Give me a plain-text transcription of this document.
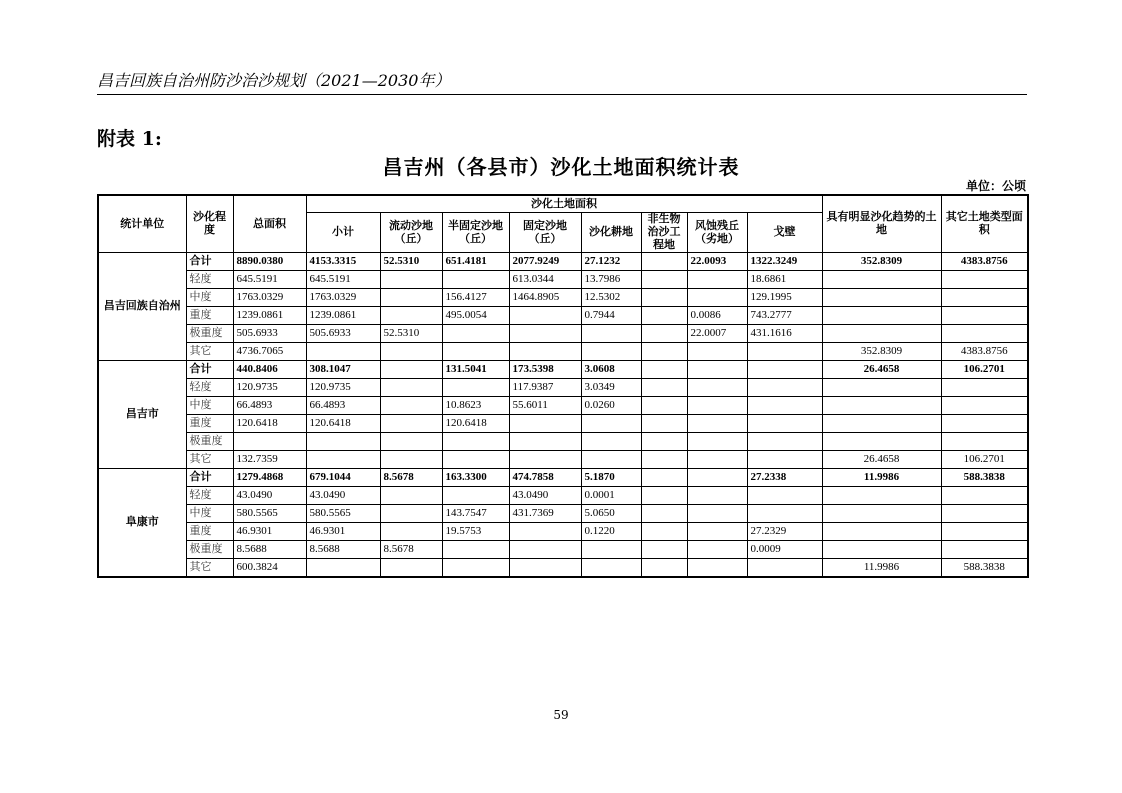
昌吉回族自治州防沙治沙规划（2021—2030年）
附表 1:
昌吉州（各县市）沙化土地面积统计表
单位：公顷
统计单位	沙化程度	总面积	沙化土地面积								具有明显沙化趋势的土地	其它土地类型面积
			小计	流动沙地（丘）	半固定沙地（丘）	固定沙地（丘）	沙化耕地	非生物治沙工程地	风蚀残丘（劣地）	戈壁		
昌吉回族自治州	合计	8890.0380	4153.3315	52.5310	651.4181	2077.9249	27.1232		22.0093	1322.3249	352.8309	4383.8756
	轻度	645.5191	645.5191			613.0344	13.7986			18.6861		
	中度	1763.0329	1763.0329		156.4127	1464.8905	12.5302			129.1995		
	重度	1239.0861	1239.0861		495.0054		0.7944		0.0086	743.2777		
	极重度	505.6933	505.6933	52.5310					22.0007	431.1616		
	其它	4736.7065									352.8309	4383.8756
昌吉市	合计	440.8406	308.1047		131.5041	173.5398	3.0608				26.4658	106.2701
	轻度	120.9735	120.9735			117.9387	3.0349					
	中度	66.4893	66.4893		10.8623	55.6011	0.0260					
	重度	120.6418	120.6418		120.6418							
	极重度											
	其它	132.7359									26.4658	106.2701
阜康市	合计	1279.4868	679.1044	8.5678	163.3300	474.7858	5.1870			27.2338	11.9986	588.3838
	轻度	43.0490	43.0490			43.0490	0.0001					
	中度	580.5565	580.5565		143.7547	431.7369	5.0650					
	重度	46.9301	46.9301		19.5753		0.1220			27.2329		
	极重度	8.5688	8.5688	8.5678						0.0009		
	其它	600.3824									11.9986	588.3838
59
